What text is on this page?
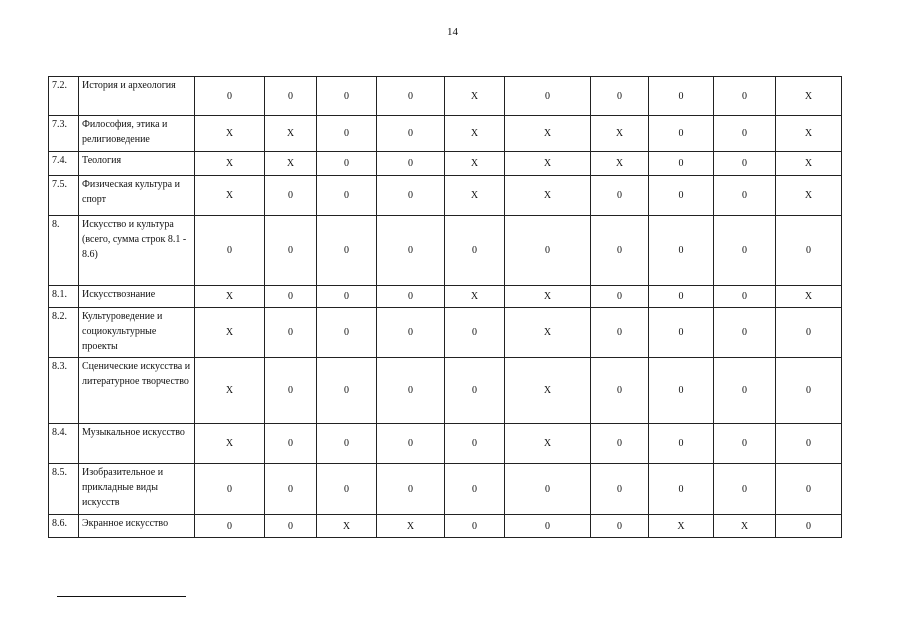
14
7.2.	История и археология	0	0	0	0	X	0	0	0	0	X
7.3.	Философия, этика и религиоведение	X	X	0	0	X	X	X	0	0	X
7.4.	Теология	X	X	0	0	X	X	X	0	0	X
7.5.	Физическая культура и спорт	X	0	0	0	X	X	0	0	0	X
8.	Искусство и культура (всего, сумма строк 8.1 - 8.6)	0	0	0	0	0	0	0	0	0	0
8.1.	Искусствознание	X	0	0	0	X	X	0	0	0	X
8.2.	Культуроведение и социокультурные проекты	X	0	0	0	0	X	0	0	0	0
8.3.	Сценические искусства и литературное творчество	X	0	0	0	0	X	0	0	0	0
8.4.	Музыкальное искусство	X	0	0	0	0	X	0	0	0	0
8.5.	Изобразительное и прикладные виды искусств	0	0	0	0	0	0	0	0	0	0
8.6.	Экранное искусство	0	0	X	X	0	0	0	X	X	0
